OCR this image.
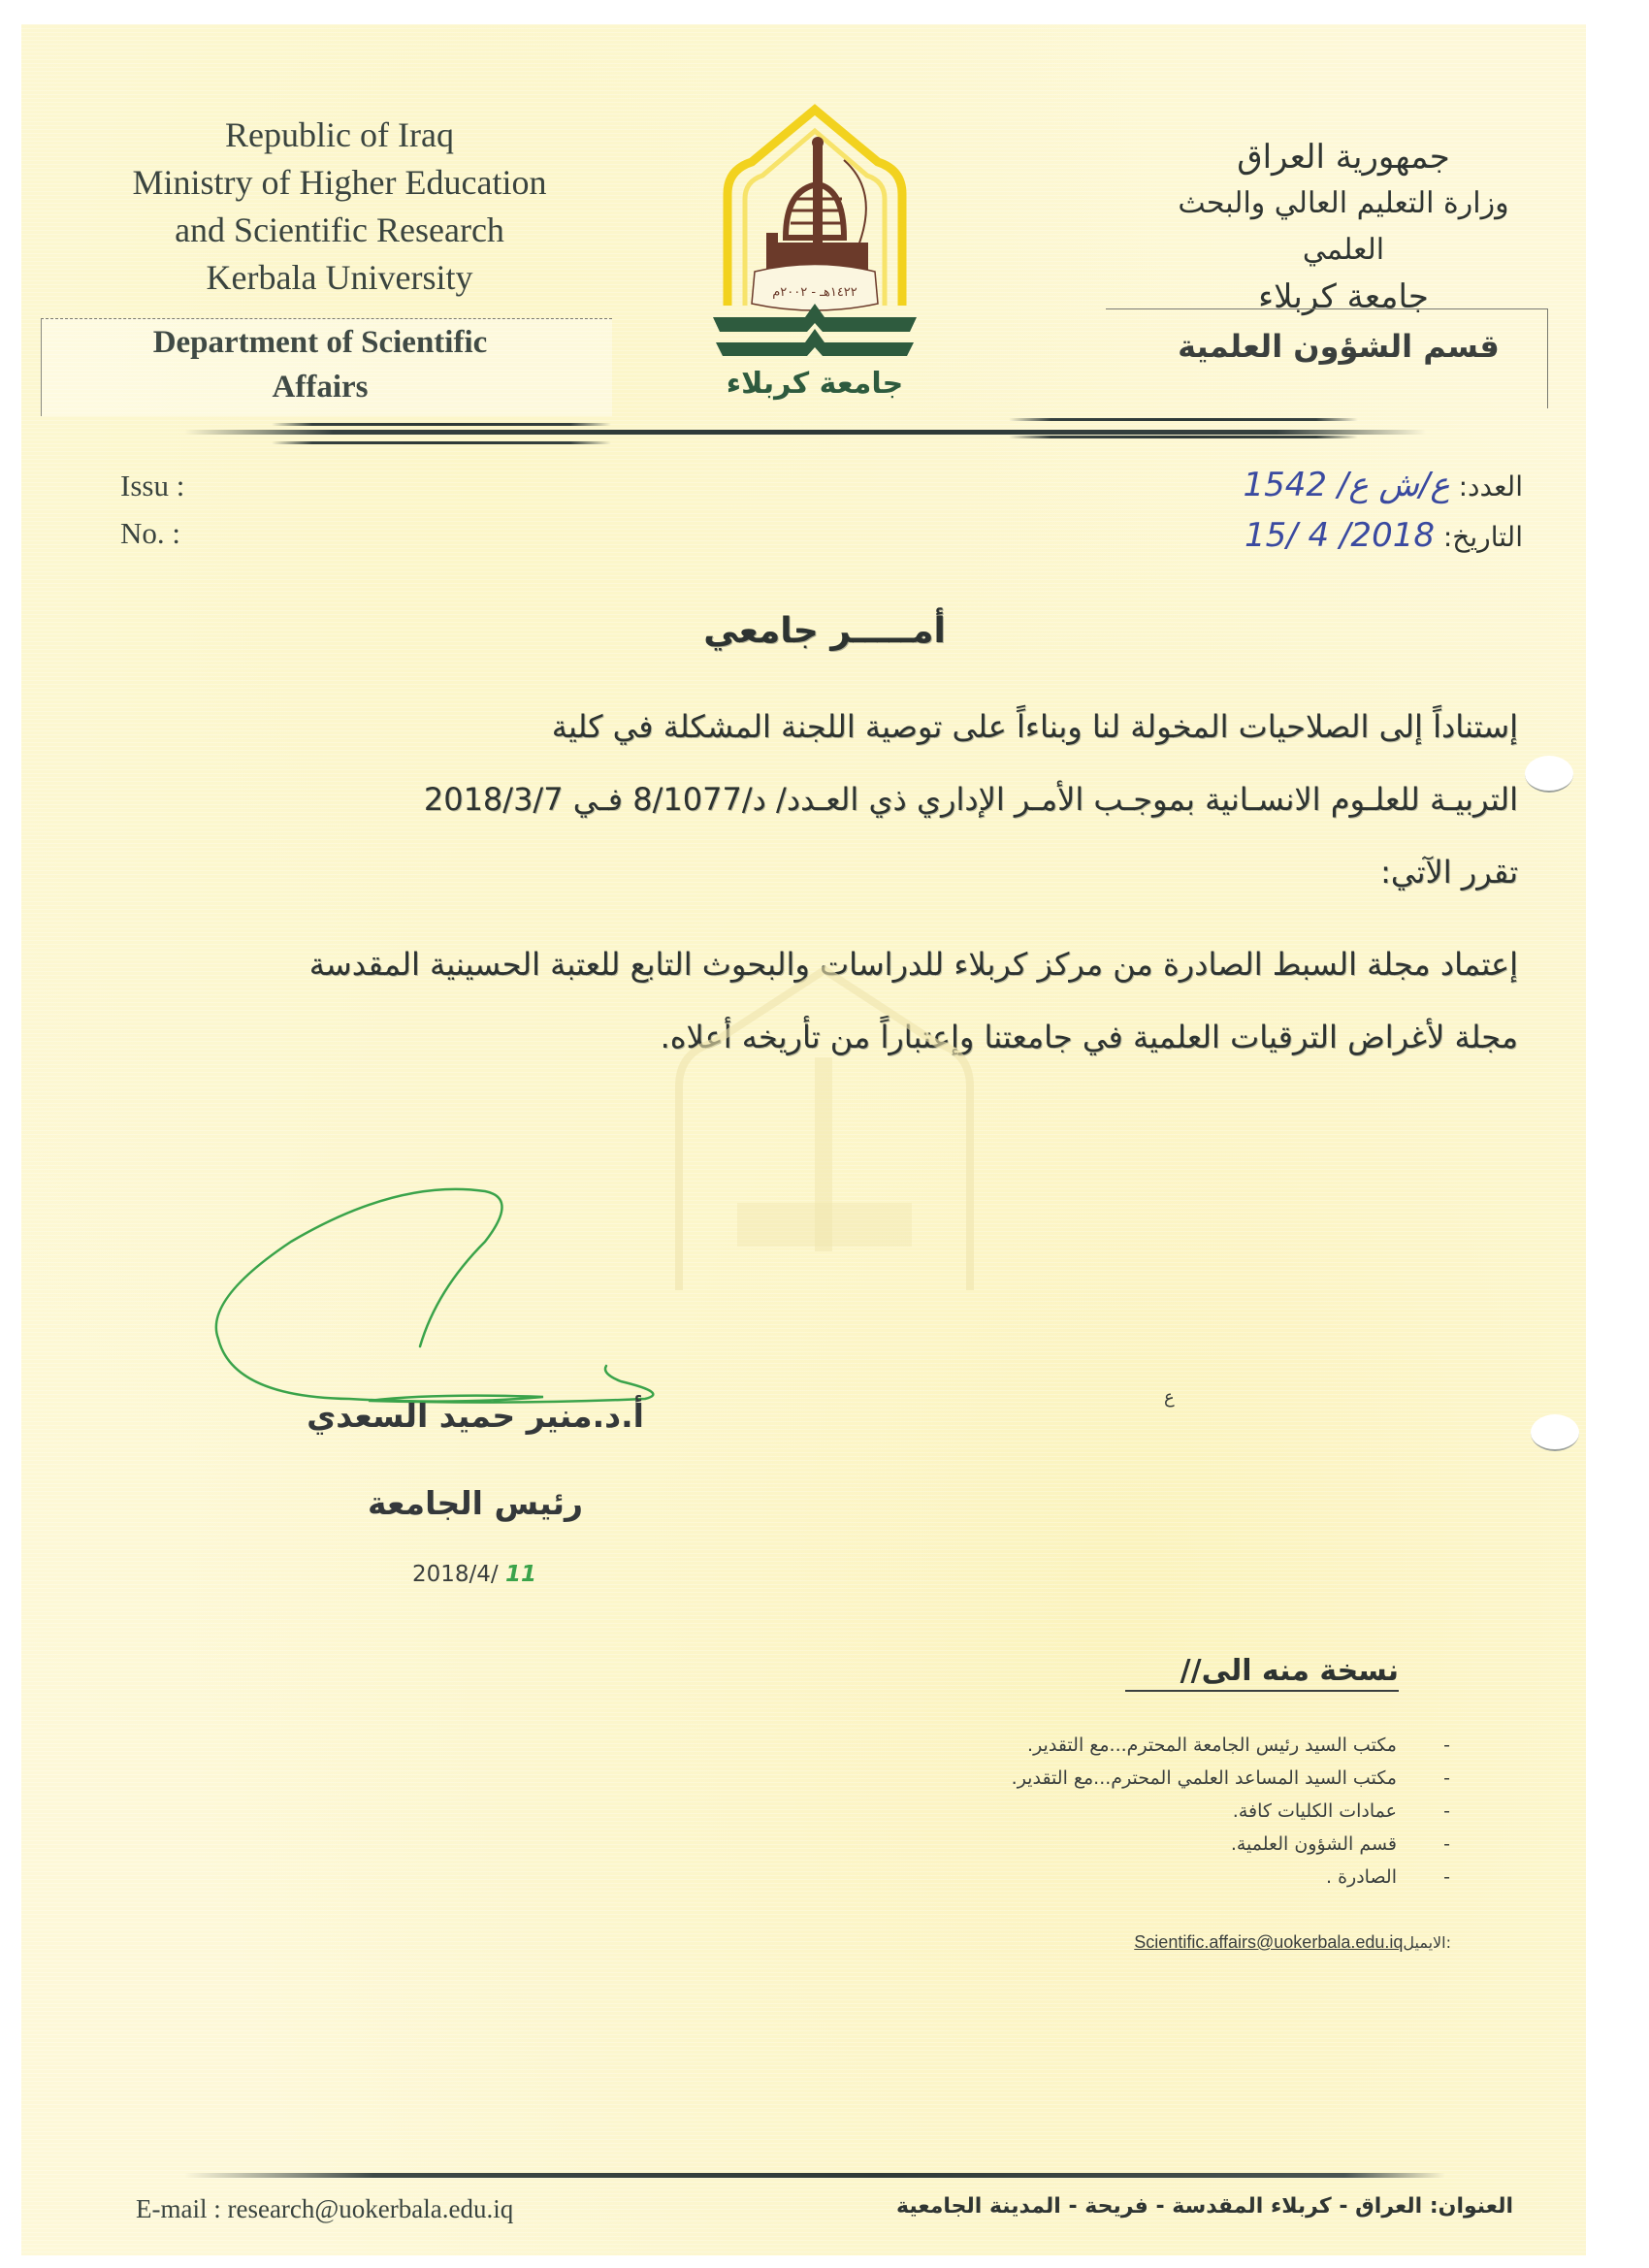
Republic of Iraq
Ministry of Higher Education
and Scientific Research
Kerbala University
Department of Scientific
Affairs
١٤٢٢هـ - ٢٠٠٢م
جامعة كربلاء
جمهورية العراق
وزارة التعليم العالي والبحث العلمي
جامعة كربلاء
قسم الشؤون العلمية
Issu :
No. :
العدد: ع/ش ع/ 1542
التاريخ: 15/ 4 /2018
أمـــــر جامعي
إستناداً إلى الصلاحيات المخولة لنا وبناءاً على توصية اللجنة المشكلة في كلية
التربيـة للعلـوم الانسـانية بموجـب الأمـر الإداري ذي العـدد/ د/8/1077 فـي 2018/3/7
تقرر الآتي:
إعتماد مجلة السبط الصادرة من مركز كربلاء للدراسات والبحوث التابع للعتبة الحسينية المقدسة
مجلة لأغراض الترقيات العلمية في جامعتنا وإعتباراً من تأريخه أعلاه.
ع
أ.د.منير حميد السعدي
رئيس الجامعة
2018/4/ 11
نسخة منه الى//
-
مكتب السيد رئيس الجامعة المحترم...مع التقدير.
-
مكتب السيد المساعد العلمي المحترم...مع التقدير.
-
عمادات الكليات كافة.
-
قسم الشؤون العلمية.
-
الصادرة .
Scientific.affairs@uokerbala.edu.iqالايميل:
E-mail : research@uokerbala.edu.iq	العنوان: العراق - كربلاء المقدسة - فريحة - المدينة الجامعية
